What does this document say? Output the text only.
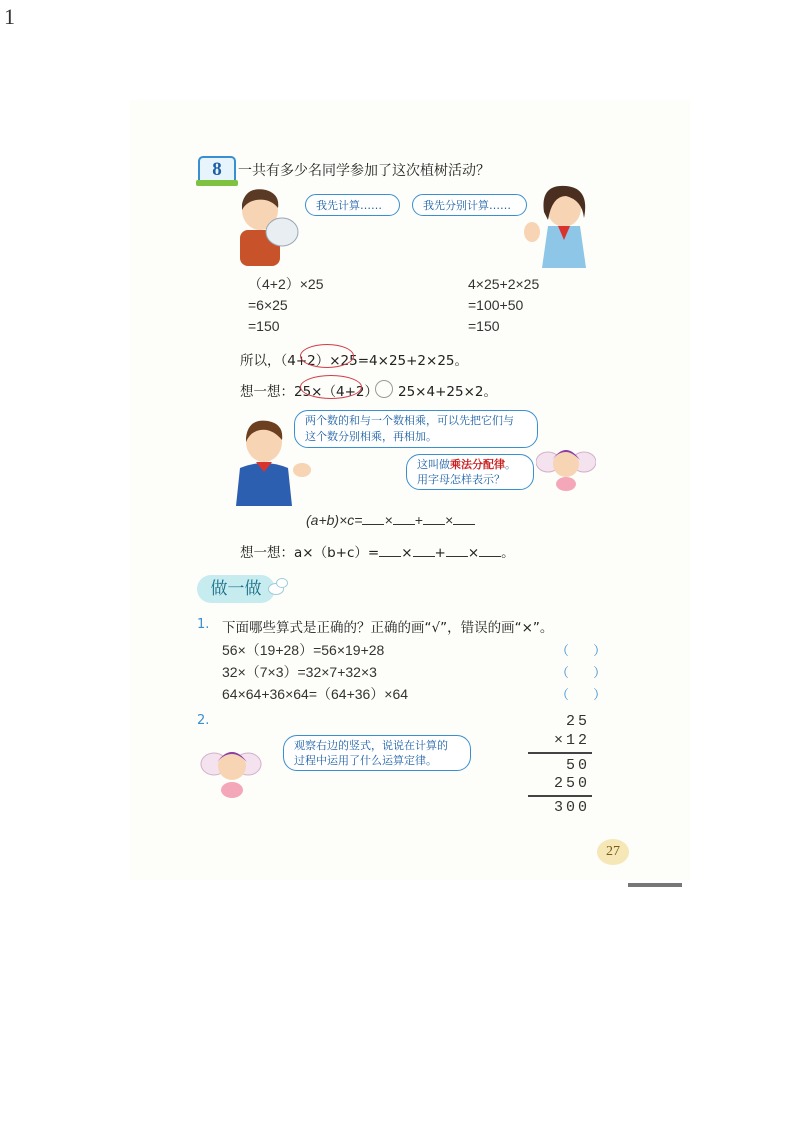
1
8	一共有多少名同学参加了这次植树活动？
我先计算……	我先分别计算……
（4+2）×25
=6×25
=150
4×25+2×25
=100+50
=150
所以，（4+2）×25=4×25+2×25。
想一想：25×（4+2） 25×4+25×2。
两个数的和与一个数相乘，可以先把它们与
这个数分别相乘，再相加。
这叫做乘法分配律。
用字母怎样表示？
(a+b)×c= × + ×
想一想：a×（b+c）= × + × 。
做一做
1. 下面哪些算式是正确的？正确的画“√”，错误的画“×”。
56×（19+28）=56×19+28	（ ）
32×（7×3）=32×7+32×3	（ ）
64×64+36×64=（64+36）×64	（ ）
2.
观察右边的竖式，说说在计算的
过程中运用了什么运算定律。
25
×12
50
250
300
27
